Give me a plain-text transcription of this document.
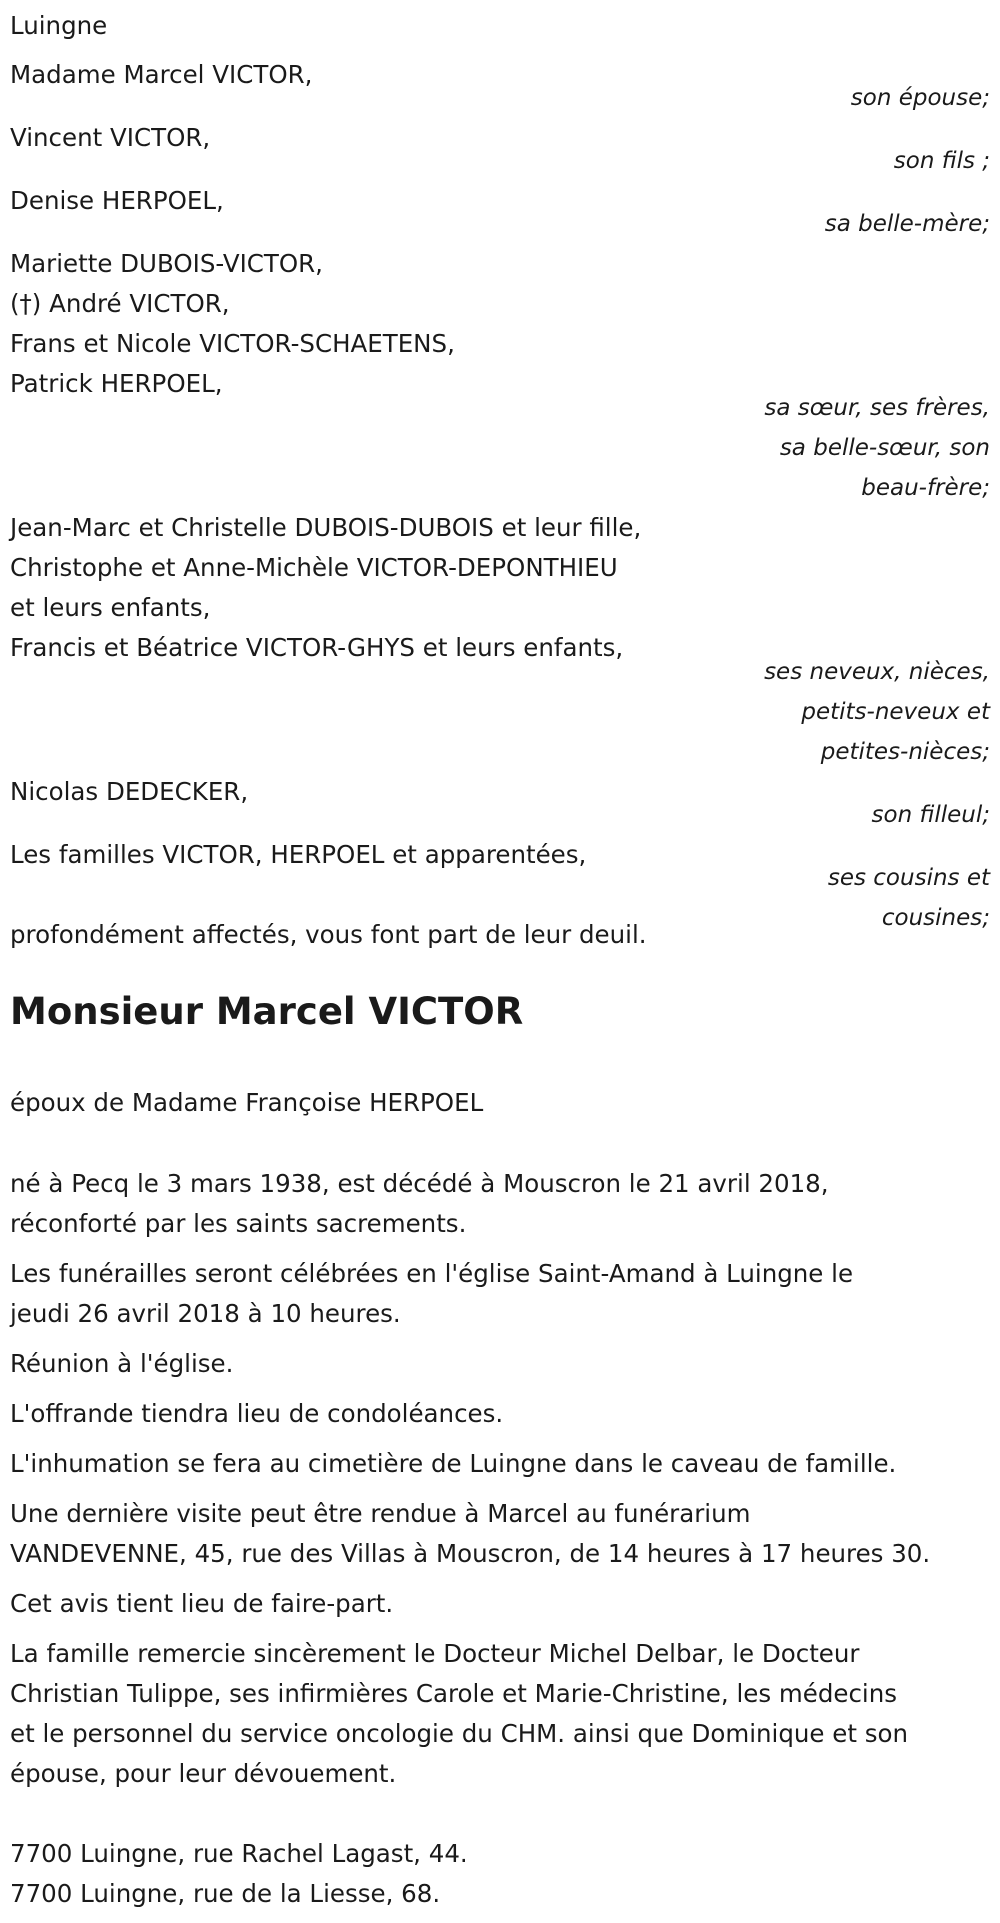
Luingne
Madame Marcel VICTOR,
son épouse;
Vincent VICTOR,
son fils ;
Denise HERPOEL,
sa belle-mère;
Mariette DUBOIS-VICTOR,
(†) André VICTOR,
Frans et Nicole VICTOR-SCHAETENS,
Patrick HERPOEL,
sa sœur, ses frères,
sa belle-sœur, son
beau-frère;
Jean-Marc et Christelle DUBOIS-DUBOIS et leur fille,
Christophe et Anne-Michèle VICTOR-DEPONTHIEU
et leurs enfants,
Francis et Béatrice VICTOR-GHYS et leurs enfants,
ses neveux, nièces,
petits-neveux et
petites-nièces;
Nicolas DEDECKER,
son filleul;
Les familles VICTOR, HERPOEL et apparentées,
ses cousins et
cousines;
profondément affectés, vous font part de leur deuil.
Monsieur Marcel VICTOR
époux de Madame Françoise HERPOEL
né à Pecq le 3 mars 1938, est décédé à Mouscron le 21 avril 2018,
réconforté par les saints sacrements.
Les funérailles seront célébrées en l'église Saint-Amand à Luingne le
jeudi 26 avril 2018 à 10 heures.
Réunion à l'église.
L'offrande tiendra lieu de condoléances.
L'inhumation se fera au cimetière de Luingne dans le caveau de famille.
Une dernière visite peut être rendue à Marcel au funérarium
VANDEVENNE, 45, rue des Villas à Mouscron, de 14 heures à 17 heures 30.
Cet avis tient lieu de faire-part.
La famille remercie sincèrement le Docteur Michel Delbar, le Docteur
Christian Tulippe, ses infirmières Carole et Marie-Christine, les médecins
et le personnel du service oncologie du CHM. ainsi que Dominique et son
épouse, pour leur dévouement.
7700 Luingne, rue Rachel Lagast, 44.
7700 Luingne, rue de la Liesse, 68.
